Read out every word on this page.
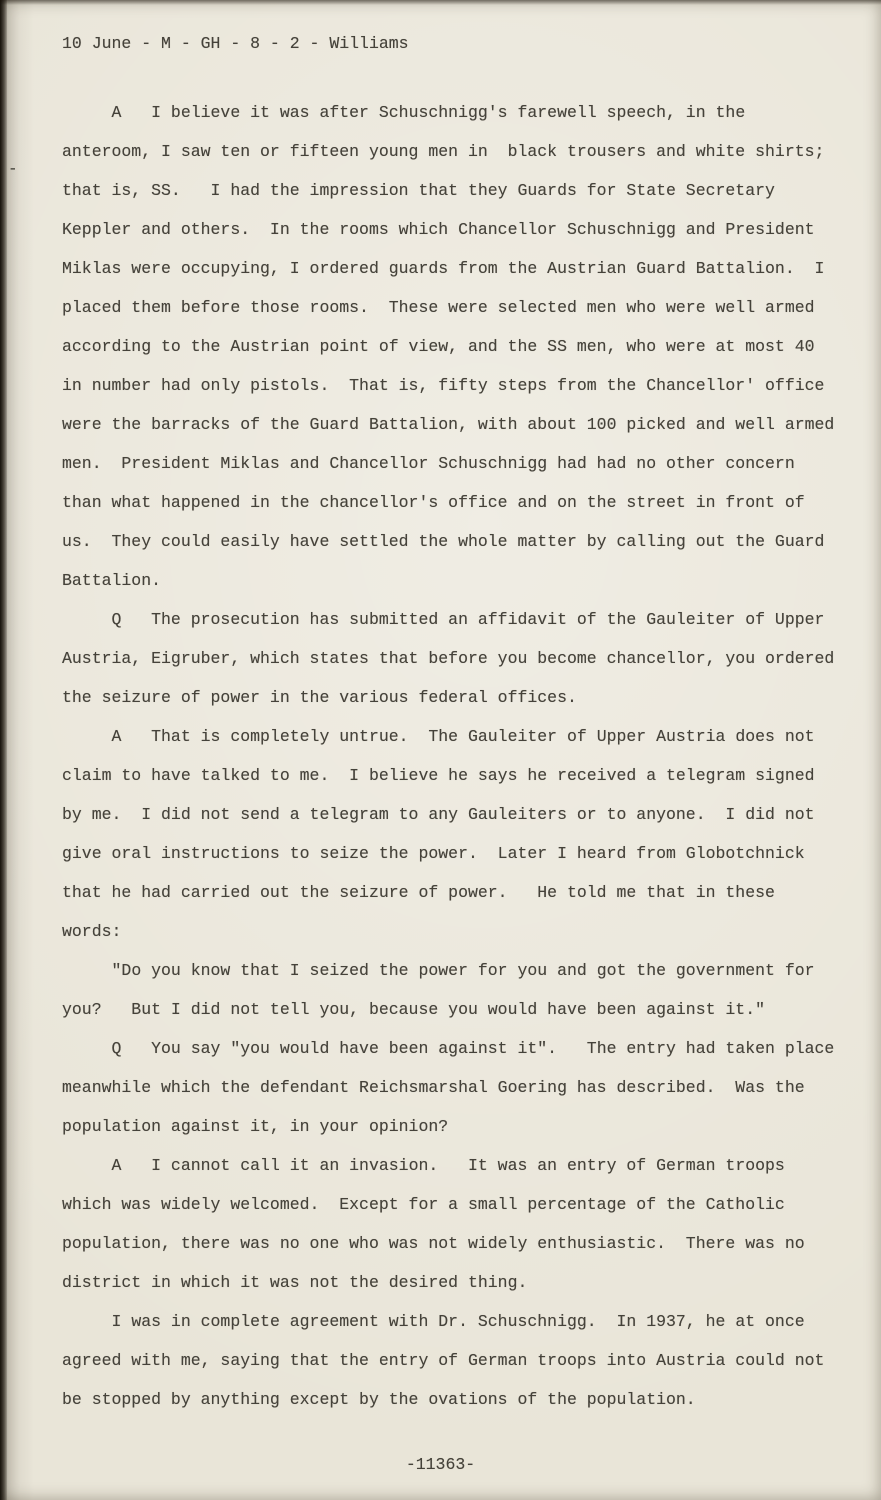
-
10 June - M - GH - 8 - 2 - Williams

A   I believe it was after Schuschnigg's farewell speech, in the anteroom, I saw ten or fifteen young men in  black trousers and white shirts; that is, SS.   I had the impression that they Guards for State Secretary Keppler and others.  In the rooms which Chancellor Schuschnigg and President Miklas were occupying, I ordered guards from the Austrian Guard Battalion.  I placed them before those rooms.  These were selected men who were well armed according to the Austrian point of view, and the SS men, who were at most 40 in number had only pistols.  That is, fifty steps from the Chancellor' office were the barracks of the Guard Battalion, with about 100 picked and well armed men.  President Miklas and Chancellor Schuschnigg had had no other concern than what happened in the chancellor's office and on the street in front of us.  They could easily have settled the whole matter by calling out the Guard Battalion.

Q   The prosecution has submitted an affidavit of the Gauleiter of Upper Austria, Eigruber, which states that before you become chancellor, you ordered the seizure of power in the various federal offices.

A   That is completely untrue.  The Gauleiter of Upper Austria does not claim to have talked to me.  I believe he says he received a telegram signed by me.  I did not send a telegram to any Gauleiters or to anyone.  I did not give oral instructions to seize the power.  Later I heard from Globotchnick that he had carried out the seizure of power.   He told me that in these words:

"Do you know that I seized the power for you and got the government for you?   But I did not tell you, because you would have been against it."

Q   You say "you would have been against it".   The entry had taken place meanwhile which the defendant Reichsmarshal Goering has described.  Was the population against it, in your opinion?

A   I cannot call it an invasion.   It was an entry of German troops which was widely welcomed.  Except for a small percentage of the Catholic population, there was no one who was not widely enthusiastic.  There was no district in which it was not the desired thing.

I was in complete agreement with Dr. Schuschnigg.  In 1937, he at once agreed with me, saying that the entry of German troops into Austria could not be stopped by anything except by the ovations of the population.

-11363-
